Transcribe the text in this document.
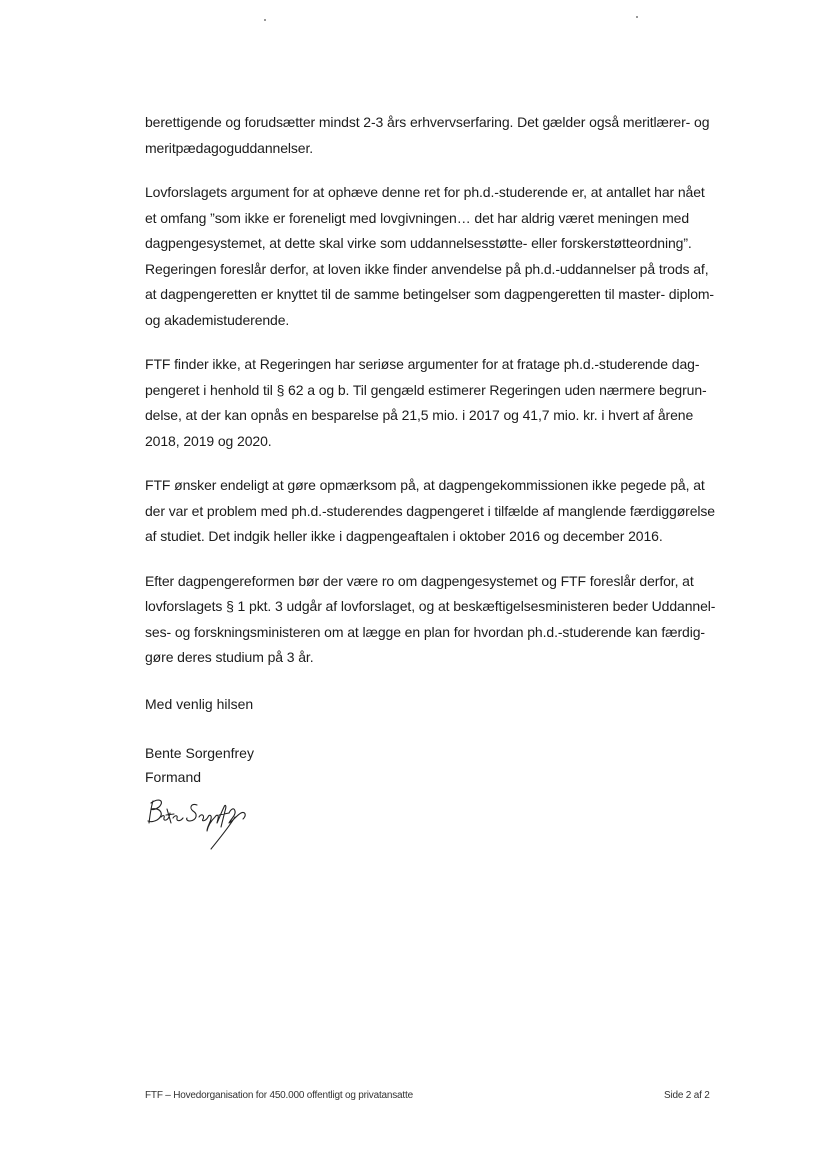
berettigende og forudsætter mindst 2-3 års erhvervserfaring. Det gælder også meritlærer- og
meritpædagoguddannelser.

Lovforslagets argument for at ophæve denne ret for ph.d.-studerende er, at antallet har nået
et omfang ”som ikke er foreneligt med lovgivningen… det har aldrig været meningen med
dagpengesystemet, at dette skal virke som uddannelsesstøtte- eller forskerstøtteordning”.
Regeringen foreslår derfor, at loven ikke finder anvendelse på ph.d.-uddannelser på trods af,
at dagpengeretten er knyttet til de samme betingelser som dagpengeretten til master- diplom-
og akademistuderende.

FTF finder ikke, at Regeringen har seriøse argumenter for at fratage ph.d.-studerende dag-
pengeret i henhold til § 62 a og b. Til gengæld estimerer Regeringen uden nærmere begrun-
delse, at der kan opnås en besparelse på 21,5 mio. i 2017 og 41,7 mio. kr. i hvert af årene
2018, 2019 og 2020.

FTF ønsker endeligt at gøre opmærksom på, at dagpengekommissionen ikke pegede på, at
der var et problem med ph.d.-studerendes dagpengeret i tilfælde af manglende færdiggørelse
af studiet. Det indgik heller ikke i dagpengeaftalen i oktober 2016 og december 2016.

Efter dagpengereformen bør der være ro om dagpengesystemet og FTF foreslår derfor, at
lovforslagets § 1 pkt. 3 udgår af lovforslaget, og at beskæftigelsesministeren beder Uddannel-
ses- og forskningsministeren om at lægge en plan for hvordan ph.d.-studerende kan færdig-
gøre deres studium på 3 år.

Med venlig hilsen
Bente Sorgenfrey
Formand
FTF – Hovedorganisation for 450.000 offentligt og privatansatte	Side 2 af 2
